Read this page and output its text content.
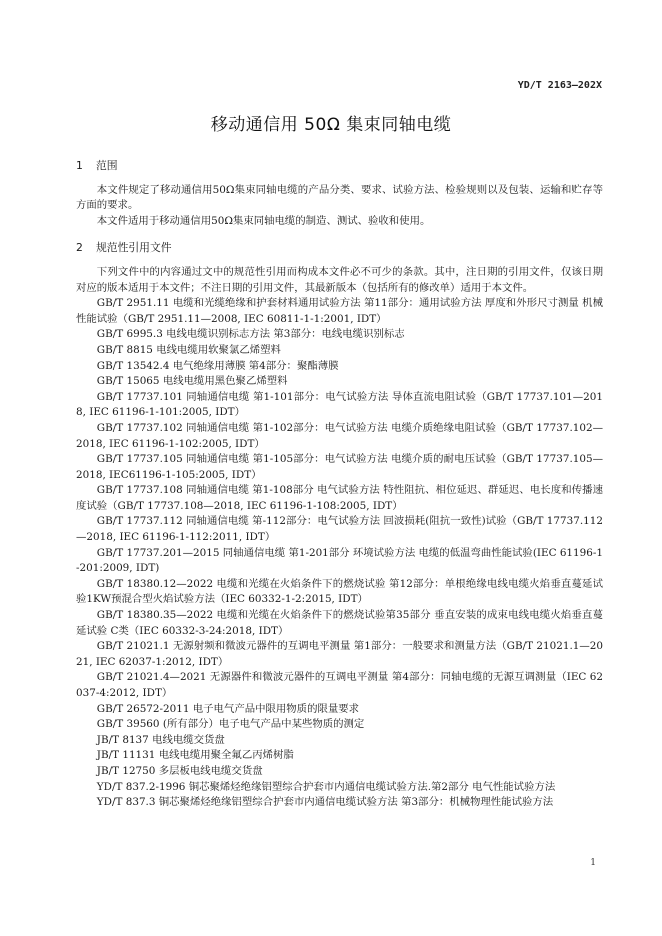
YD/T 2163—202X
移动通信用 50Ω 集束同轴电缆
1	范围

本文件规定了移动通信用50Ω集束同轴电缆的产品分类、要求、试验方法、检验规则以及包装、运输和贮存等方面的要求。

本文件适用于移动通信用50Ω集束同轴电缆的制造、测试、验收和使用。

2	规范性引用文件

下列文件中的内容通过文中的规范性引用而构成本文件必不可少的条款。其中，注日期的引用文件，仅该日期对应的版本适用于本文件；不注日期的引用文件，其最新版本（包括所有的修改单）适用于本文件。

GB/T 2951.11 电缆和光缆绝缘和护套材料通用试验方法 第11部分：通用试验方法 厚度和外形尺寸测量 机械性能试验（GB/T 2951.11—2008, IEC 60811-1-1:2001, IDT）
GB/T 6995.3 电线电缆识别标志方法 第3部分：电线电缆识别标志
GB/T 8815 电线电缆用软聚氯乙烯塑料
GB/T 13542.4 电气绝缘用薄膜 第4部分：聚酯薄膜
GB/T 15065 电线电缆用黑色聚乙烯塑料
GB/T 17737.101 同轴通信电缆 第1-101部分：电气试验方法 导体直流电阻试验（GB/T 17737.101—2018, IEC 61196-1-101:2005, IDT）
GB/T 17737.102 同轴通信电缆 第1-102部分：电气试验方法 电缆介质绝缘电阻试验（GB/T 17737.102—2018, IEC 61196-1-102:2005, IDT）
GB/T 17737.105 同轴通信电缆 第1-105部分：电气试验方法 电缆介质的耐电压试验（GB/T 17737.105—2018, IEC61196-1-105:2005, IDT）
GB/T 17737.108 同轴通信电缆 第1-108部分 电气试验方法 特性阻抗、相位延迟、群延迟、电长度和传播速度试验（GB/T 17737.108—2018, IEC 61196-1-108:2005, IDT）
GB/T 17737.112 同轴通信电缆 第-112部分：电气试验方法 回波损耗(阻抗一致性)试验（GB/T 17737.112—2018, IEC 61196-1-112:2011, IDT）
GB/T 17737.201—2015 同轴通信电缆 第1-201部分 环境试验方法 电缆的低温弯曲性能试验(IEC 61196-1-201:2009, IDT)
GB/T 18380.12—2022 电缆和光缆在火焰条件下的燃烧试验 第12部分：单根绝缘电线电缆火焰垂直蔓延试验1KW预混合型火焰试验方法（IEC 60332-1-2:2015, IDT）
GB/T 18380.35—2022 电缆和光缆在火焰条件下的燃烧试验第35部分 垂直安装的成束电线电缆火焰垂直蔓延试验 C类（IEC 60332-3-24:2018, IDT）
GB/T 21021.1 无源射频和微波元器件的互调电平测量 第1部分：一般要求和测量方法（GB/T 21021.1—2021, IEC 62037-1:2012, IDT）
GB/T 21021.4—2021 无源器件和微波元器件的互调电平测量 第4部分：同轴电缆的无源互调测量（IEC 62037-4:2012, IDT）
GB/T 26572-2011 电子电气产品中限用物质的限量要求
GB/T 39560 (所有部分）电子电气产品中某些物质的测定
JB/T 8137 电线电缆交货盘
JB/T 11131 电线电缆用聚全氟乙丙烯树脂
JB/T 12750 多层板电线电缆交货盘
YD/T 837.2-1996 铜芯聚烯烃绝缘铝塑综合护套市内通信电缆试验方法.第2部分 电气性能试验方法
YD/T 837.3 铜芯聚烯烃绝缘铝塑综合护套市内通信电缆试验方法 第3部分：机械物理性能试验方法
1
